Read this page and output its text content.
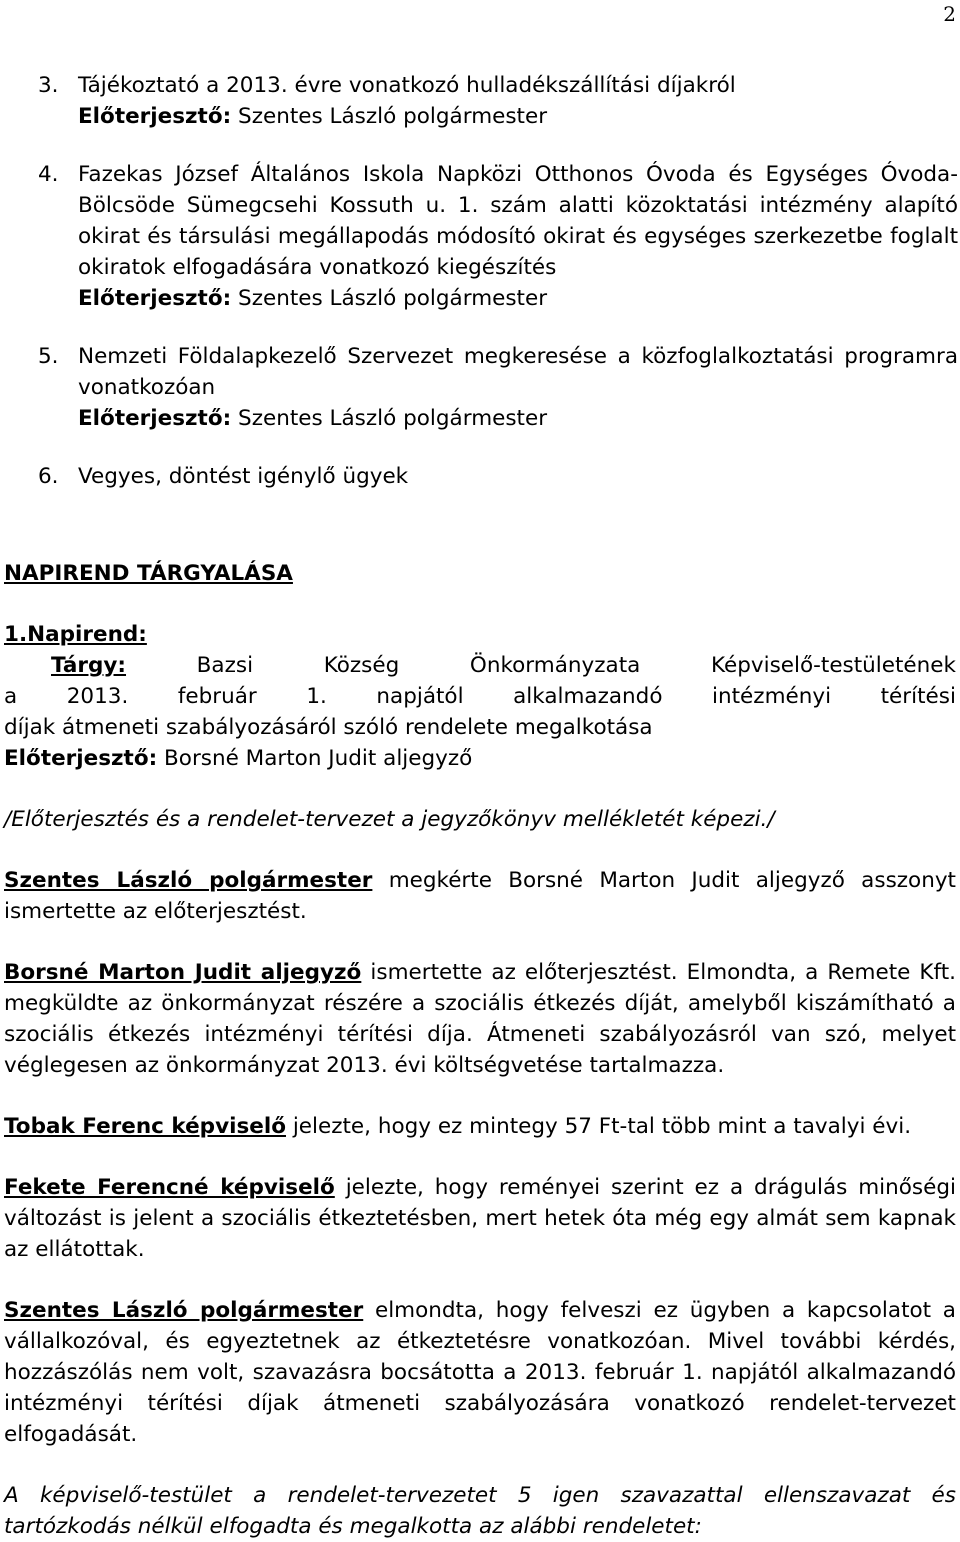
2
3. Tájékoztató a 2013. évre vonatkozó hulladékszállítási díjakról
Előterjesztő: Szentes László polgármester
4. Fazekas József Általános Iskola Napközi Otthonos Óvoda és Egységes Óvoda-Bölcsöde Sümegcsehi Kossuth u. 1. szám alatti közoktatási intézmény alapító okirat és társulási megállapodás módosító okirat és egységes szerkezetbe foglalt okiratok elfogadására vonatkozó kiegészítés
Előterjesztő: Szentes László polgármester
5. Nemzeti Földalapkezelő Szervezet megkeresése a közfoglalkoztatási programra vonatkozóan
Előterjesztő: Szentes László polgármester
6. Vegyes, döntést igénylő ügyek
NAPIREND TÁRGYALÁSA
1.Napirend:
Tárgy:	Bazsi	Község	Önkormányzata	Képviselő-testületének
a 2013. február 1. napjától alkalmazandó intézményi térítési
díjak átmeneti szabályozásáról szóló rendelete megalkotása
Előterjesztő: Borsné Marton Judit aljegyző
/Előterjesztés és a rendelet-tervezet a jegyzőkönyv mellékletét képezi./
Szentes László polgármester megkérte Borsné Marton Judit aljegyző asszonyt ismertette az előterjesztést.
Borsné Marton Judit aljegyző ismertette az előterjesztést. Elmondta, a Remete Kft. megküldte az önkormányzat részére a szociális étkezés díját, amelyből kiszámítható a szociális étkezés intézményi térítési díja. Átmeneti szabályozásról van szó, melyet véglegesen az önkormányzat 2013. évi költségvetése tartalmazza.
Tobak Ferenc képviselő jelezte, hogy ez mintegy 57 Ft-tal több mint a tavalyi évi.
Fekete Ferencné képviselő jelezte, hogy reményei szerint ez a drágulás minőségi változást is jelent a szociális étkeztetésben, mert hetek óta még egy almát sem kapnak az ellátottak.
Szentes László polgármester elmondta, hogy felveszi ez ügyben a kapcsolatot a vállalkozóval, és egyeztetnek az étkeztetésre vonatkozóan. Mivel további kérdés, hozzászólás nem volt, szavazásra bocsátotta a 2013. február 1. napjától alkalmazandó intézményi térítési díjak átmeneti szabályozására vonatkozó rendelet-tervezet elfogadását.
A képviselő-testület a rendelet-tervezetet 5 igen szavazattal ellenszavazat és tartózkodás nélkül elfogadta és megalkotta az alábbi rendeletet:
